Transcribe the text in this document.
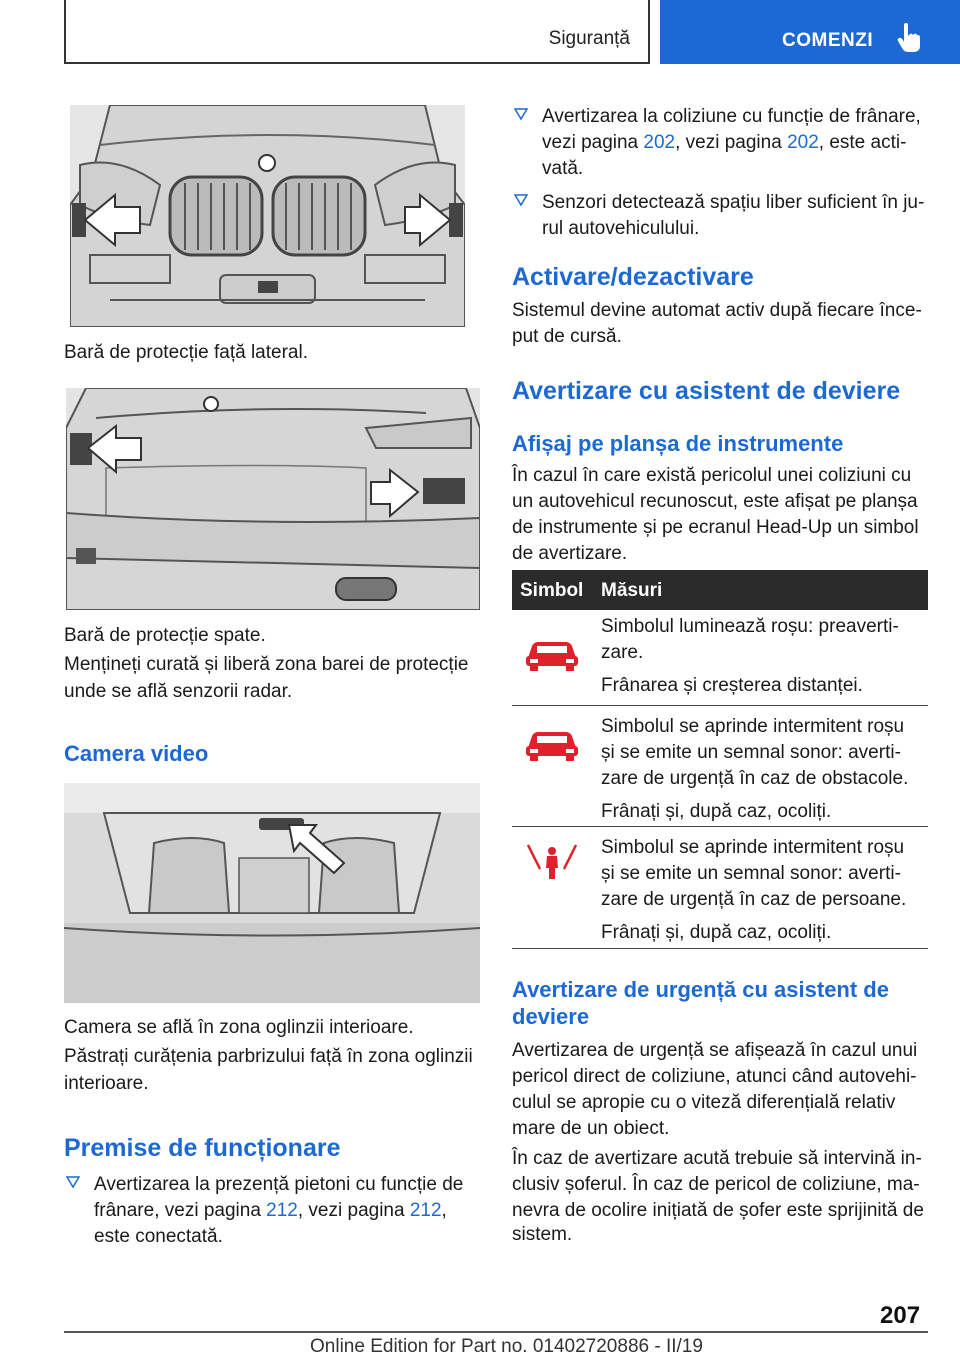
Siguranță	COMENZI
Bară de protecție față lateral.
Bară de protecție spate.
Mențineți curată și liberă zona barei de protecție
unde se află senzorii radar.
Camera video
Camera se află în zona oglinzii interioare.
Păstrați curățenia parbrizului față în zona oglinzii
interioare.
Premise de funcționare
Avertizarea la prezență pietoni cu funcție de
frânare, vezi pagina 212, vezi pagina 212,
este conectată.
Avertizarea la coliziune cu funcție de frânare,
vezi pagina 202, vezi pagina 202, este acti‐
vată.
Senzori detectează spațiu liber suficient în ju‐
rul autovehiculului.
Activare/dezactivare
Sistemul devine automat activ după fiecare înce‐
put de cursă.
Avertizare cu asistent de deviere
Afișaj pe planșa de instrumente
În cazul în care există pericolul unei coliziuni cu
un autovehicul recunoscut, este afișat pe planșa
de instrumente și pe ecranul Head-Up un simbol
de avertizare.
Simbol Măsuri
Simbolul luminează roșu: preaverti‐
zare.
Frânarea și creșterea distanței.
Simbolul se aprinde intermitent roșu
și se emite un semnal sonor: averti‐
zare de urgență în caz de obstacole.
Frânați și, după caz, ocoliți.
Simbolul se aprinde intermitent roșu
și se emite un semnal sonor: averti‐
zare de urgență în caz de persoane.
Frânați și, după caz, ocoliți.
Avertizare de urgență cu asistent de
deviere
Avertizarea de urgență se afișează în cazul unui
pericol direct de coliziune, atunci când autovehi‐
culul se apropie cu o viteză diferențială relativ
mare de un obiect.
În caz de avertizare acută trebuie să intervină in‐
clusiv șoferul. În caz de pericol de coliziune, ma‐
nevra de ocolire inițiată de șofer este sprijinită de
sistem.
207
Online Edition for Part no. 01402720886 - II/19
